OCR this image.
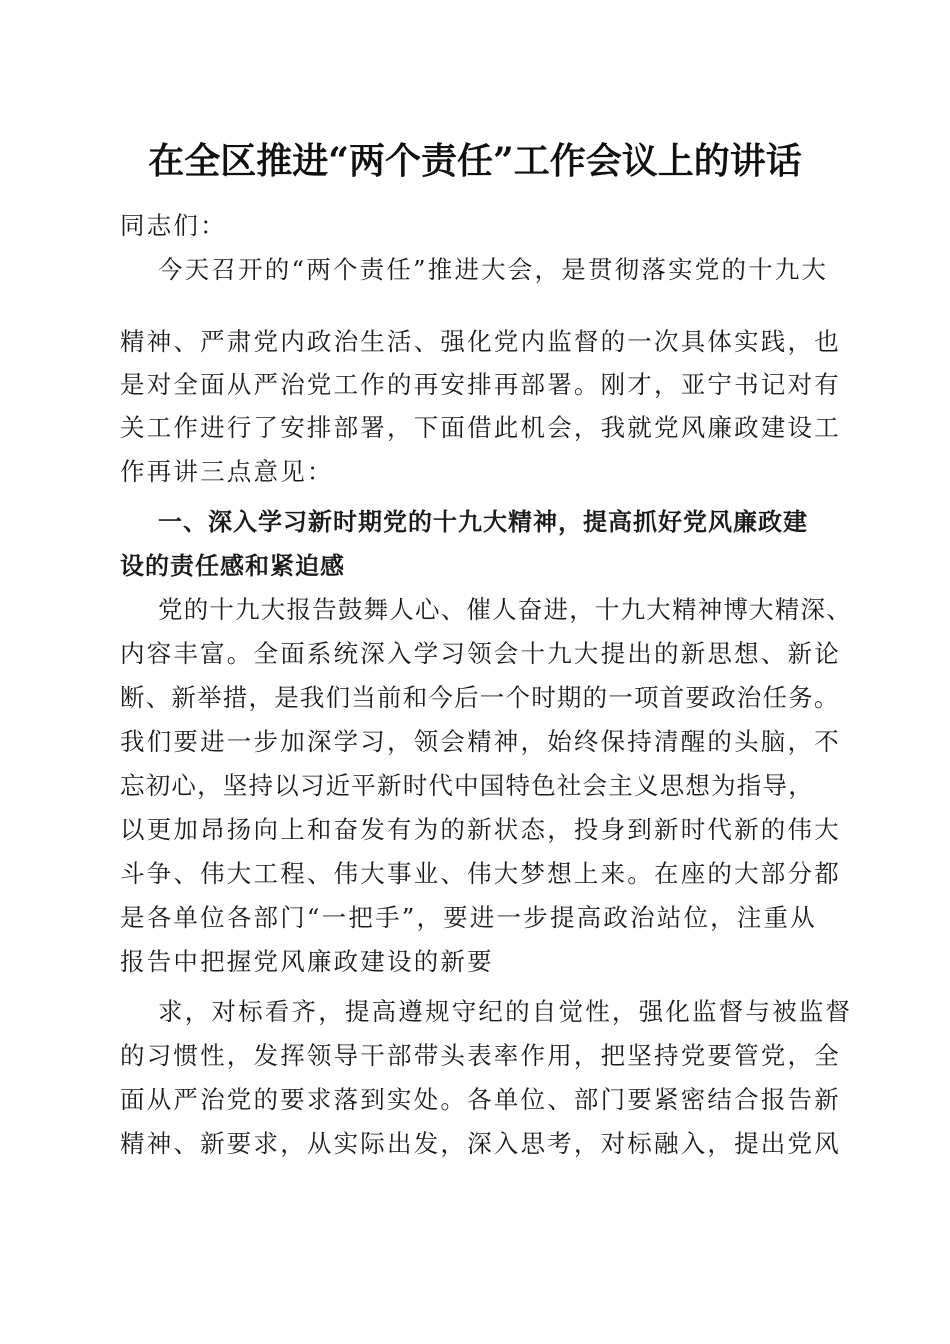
在全区推进“两个责任”工作会议上的讲话
同志们：
今天召开的“两个责任”推进大会，是贯彻落实党的十九大
精神、严肃党内政治生活、强化党内监督的一次具体实践，也
是对全面从严治党工作的再安排再部署。刚才，亚宁书记对有
关工作进行了安排部署，下面借此机会，我就党风廉政建设工
作再讲三点意见：
一、深入学习新时期党的十九大精神，提高抓好党风廉政建
设的责任感和紧迫感
党的十九大报告鼓舞人心、催人奋进，十九大精神博大精深、
内容丰富。全面系统深入学习领会十九大提出的新思想、新论
断、新举措，是我们当前和今后一个时期的一项首要政治任务。
我们要进一步加深学习，领会精神，始终保持清醒的头脑，不
忘初心，坚持以习近平新时代中国特色社会主义思想为指导，
以更加昂扬向上和奋发有为的新状态，投身到新时代新的伟大
斗争、伟大工程、伟大事业、伟大梦想上来。在座的大部分都
是各单位各部门“一把手”，要进一步提高政治站位，注重从
报告中把握党风廉政建设的新要
求，对标看齐，提高遵规守纪的自觉性，强化监督与被监督
的习惯性，发挥领导干部带头表率作用，把坚持党要管党，全
面从严治党的要求落到实处。各单位、部门要紧密结合报告新
精神、新要求，从实际出发，深入思考，对标融入，提出党风
